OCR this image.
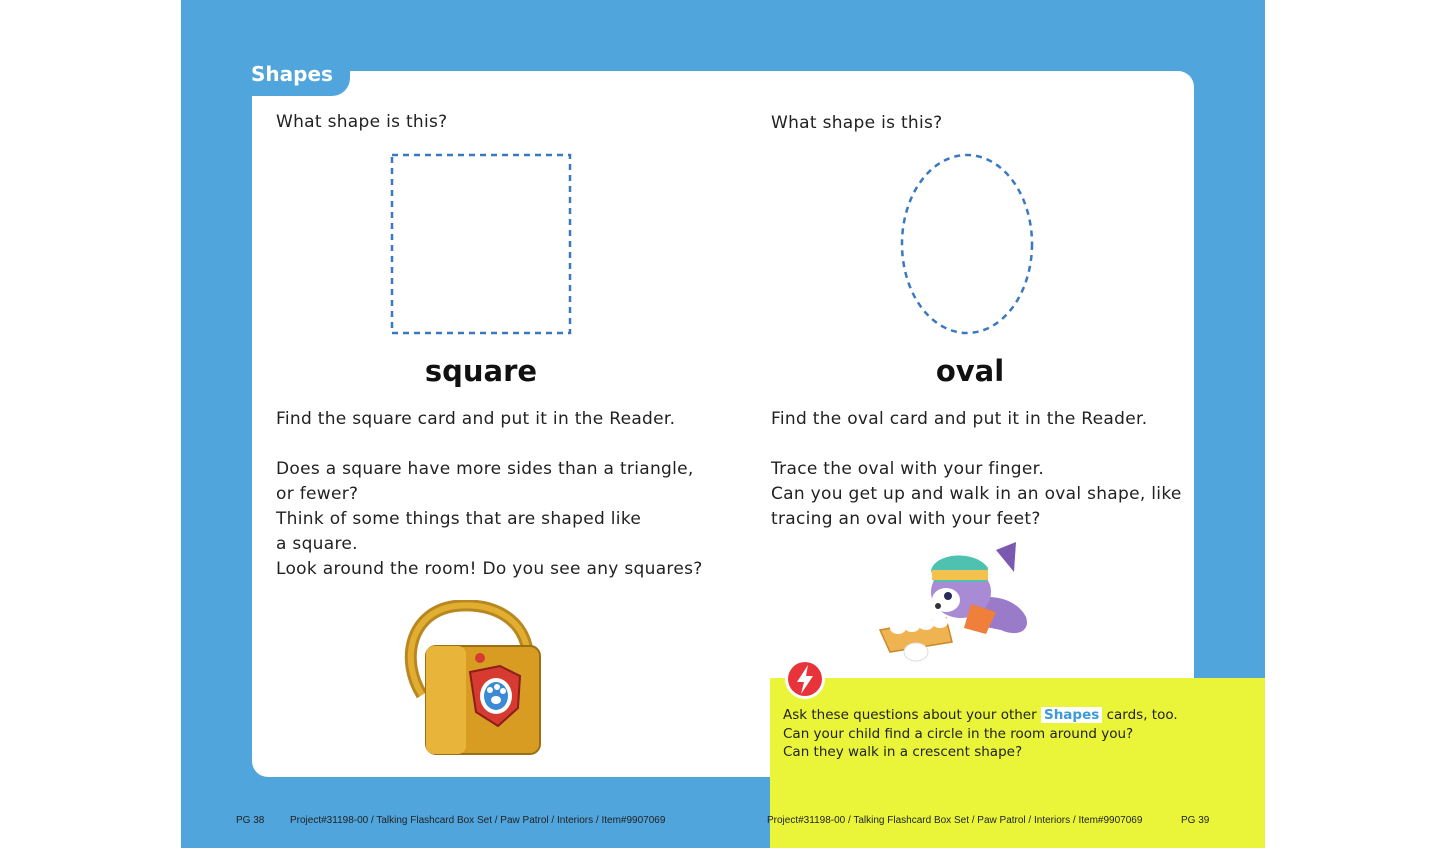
Shapes
What shape is this?
square

Find the square card and put it in the Reader.

Does a square have more sides than a triangle,

or fewer?

Think of some things that are shaped like

a square.

Look around the room! Do you see any squares?

What shape is this?
oval

Find the oval card and put it in the Reader.

Trace the oval with your finger.

Can you get up and walk in an oval shape, like

tracing an oval with your feet?

Ask these questions about your other Shapes cards, too.

Can your child find a circle in the room around you?

Can they walk in a crescent shape?

PG 38	Project#31198-00 / Talking Flashcard Box Set / Paw Patrol / Interiors / Item#9907069	Project#31198-00 / Talking Flashcard Box Set / Paw Patrol / Interiors / Item#9907069	PG 39
